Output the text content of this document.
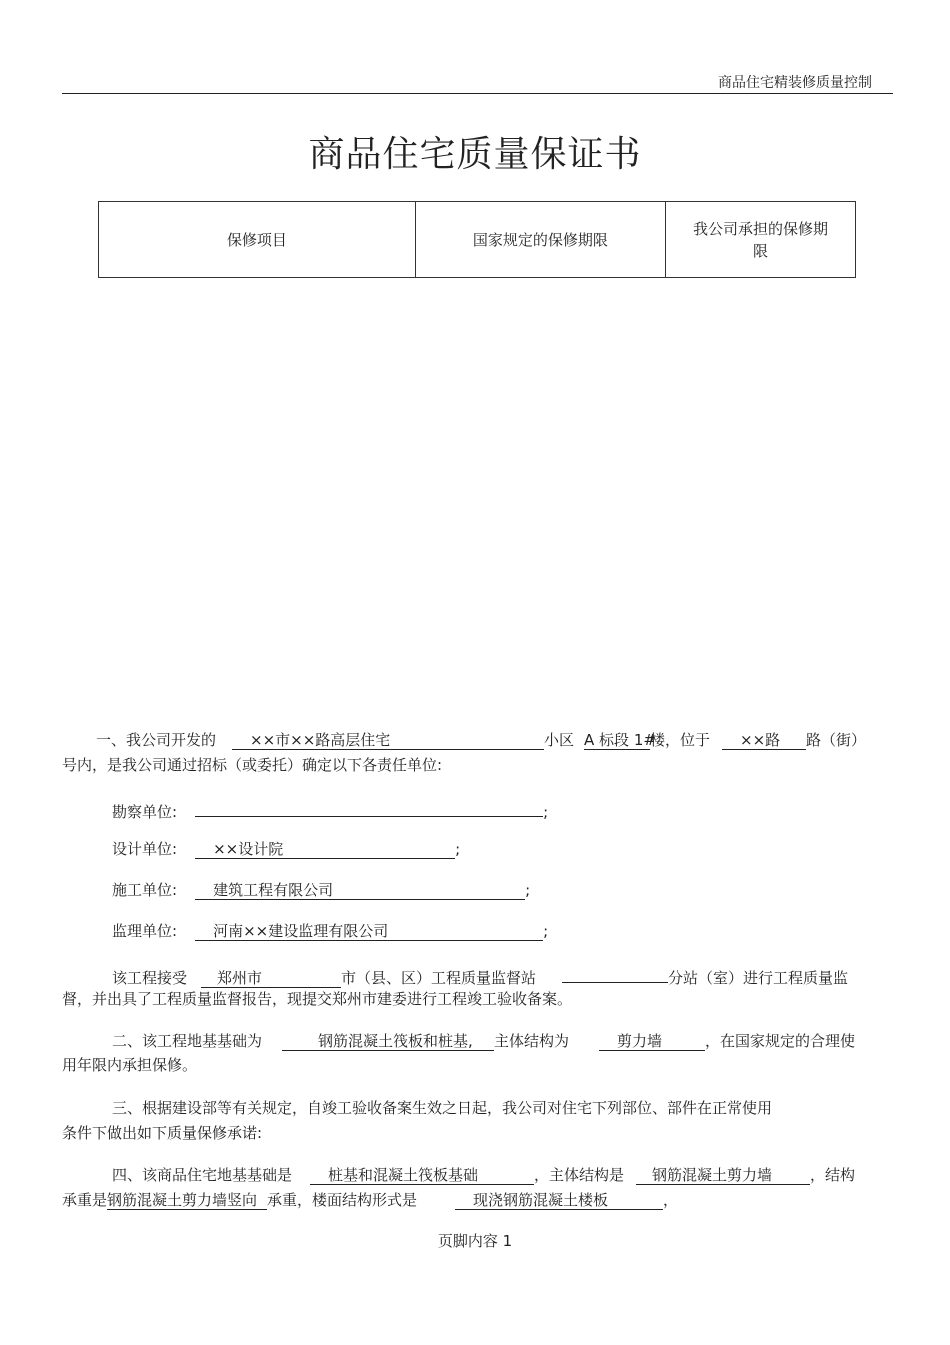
商品住宅精装修质量控制
商品住宅质量保证书
保修项目	国家规定的保修期限	我公司承担的保修期
限
一、我公司开发的 ××市××路高层住宅	小区 A 标段 1#楼，位于 ××路 路（街）
号内，是我公司通过招标（或委托）确定以下各责任单位:
勘察单位:	;
设计单位: ××设计院	;
施工单位: 建筑工程有限公司	;
监理单位: 河南××建设监理有限公司	;
该工程接受 郑州市	市（县、区）工程质量监督站	分站（室）进行工程质量监
督，并出具了工程质量监督报告，现提交郑州市建委进行工程竣工验收备案。
二、该工程地基基础为	钢筋混凝土筏板和桩基, 主体结构为	剪力墙	，在国家规定的合理使
用年限内承担保修。
三、根据建设部等有关规定，自竣工验收备案生效之日起，我公司对住宅下列部位、部件在正常使用
条件下做出如下质量保修承诺:
四、该商品住宅地基基础是 桩基和混凝土筏板基础	，主体结构是 钢筋混凝土剪力墙	，结构
承重是钢筋混凝土剪力墙竖向 承重，楼面结构形式是	现浇钢筋混凝土楼板	，
页脚内容 1
